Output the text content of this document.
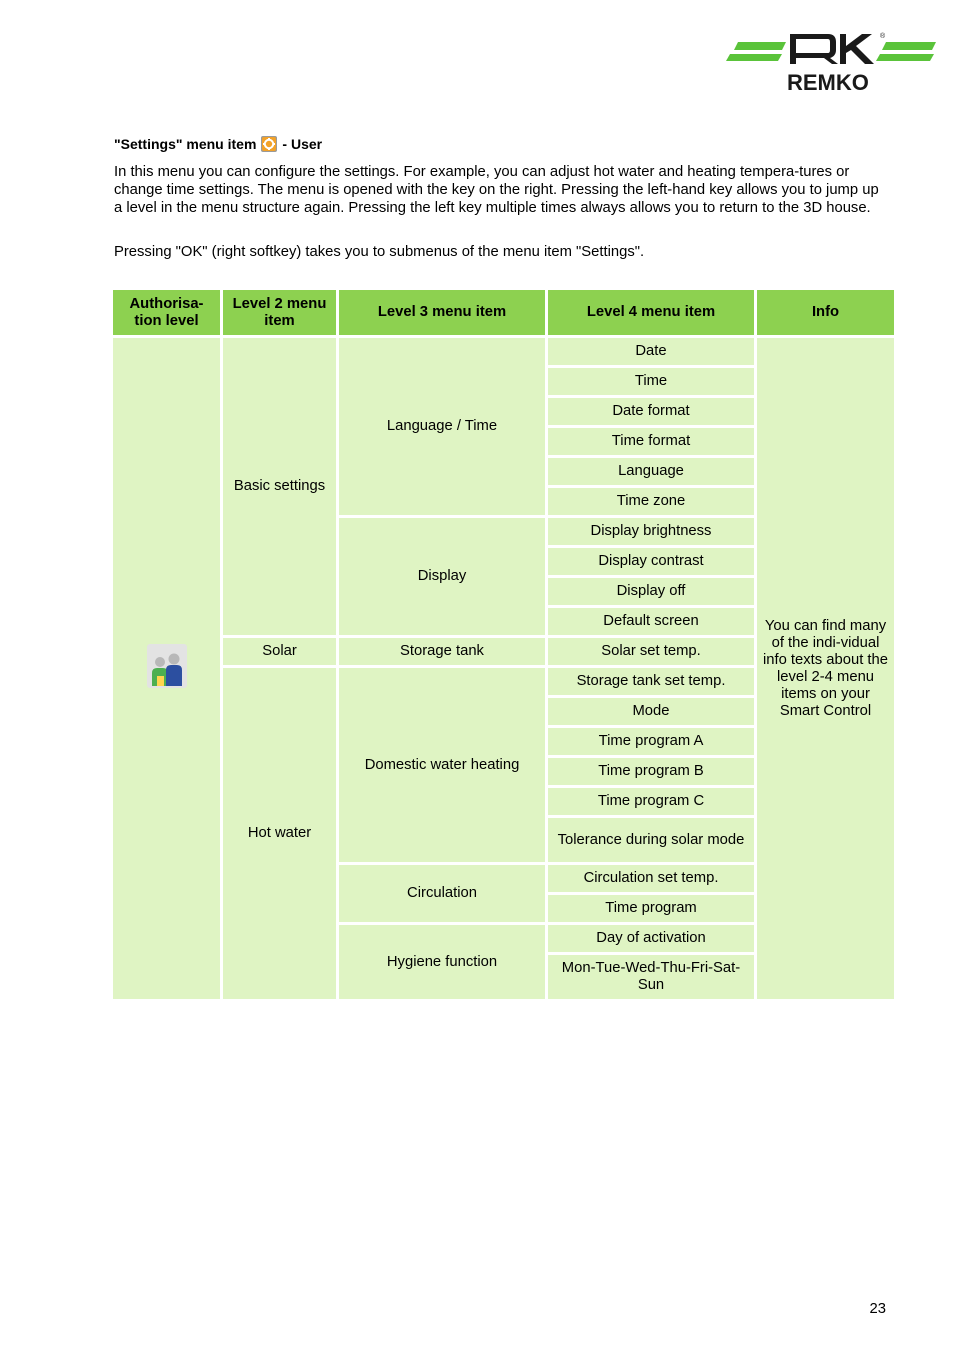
REMKO
®
"Settings" menu item - User

In this menu you can configure the settings. For example, you can adjust hot water and heating tempera-tures or change time settings. The menu is opened with the key on the right. Pressing the left-hand key allows you to jump up a level in the menu structure again. Pressing the left key multiple times always allows you to return to the 3D house.

Pressing "OK" (right softkey) takes you to submenus of the menu item "Settings".

Authorisa-tion level	Level 2 menu item	Level 3 menu item	Level 4 menu item	Info
	Basic settings	Language / Time	Date	You can find many of the indi-vidual info texts about the level 2-4 menu items on your Smart Control
			Time	
			Date format	
			Time format	
			Language	
			Time zone	
		Display	Display brightness	
			Display contrast	
			Display off	
			Default screen	
	Solar	Storage tank	Solar set temp.	
	Hot water	Domestic water heating	Storage tank set temp.	
			Mode	
			Time program A	
			Time program B	
			Time program C	
			Tolerance during solar mode	
		Circulation	Circulation set temp.	
			Time program	
		Hygiene function	Day of activation	
			Mon-Tue-Wed-Thu-Fri-Sat-Sun	
23
